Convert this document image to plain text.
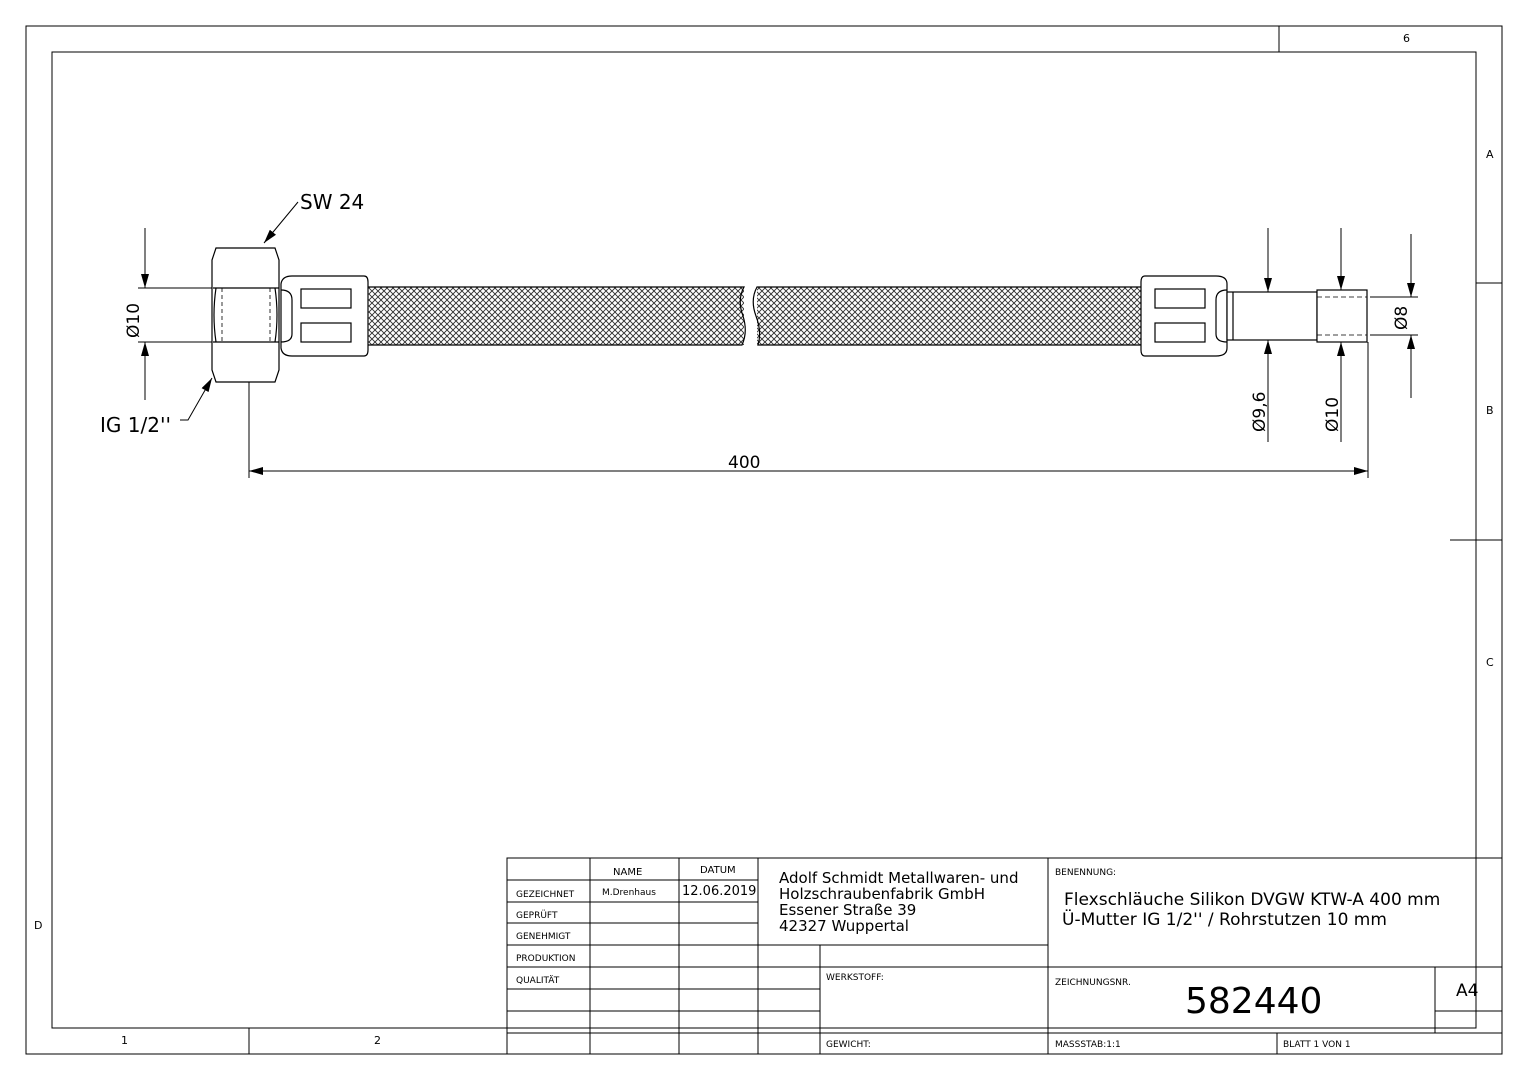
1	2
6
A
B
C
D
SW 24
IG 1/2''
Ø10
400
Ø9,6	Ø10
Ø8
NAME	DATUM
GEZEICHNET	M.Drenhaus 12.06.2019
GEPRÜFT
GENEHMIGT
PRODUKTION
QUALITÄT
Adolf Schmidt Metallwaren- und
Holzschraubenfabrik GmbH
Essener Straße 39
42327 Wuppertal
BENENNUNG:
Flexschläuche Silikon DVGW KTW-A 400 mm
Ü-Mutter IG 1/2'' / Rohrstutzen 10 mm
WERKSTOFF:
GEWICHT:
ZEICHNUNGSNR. 582440	A4
MASSSTAB:1:1	BLATT 1 VON 1
